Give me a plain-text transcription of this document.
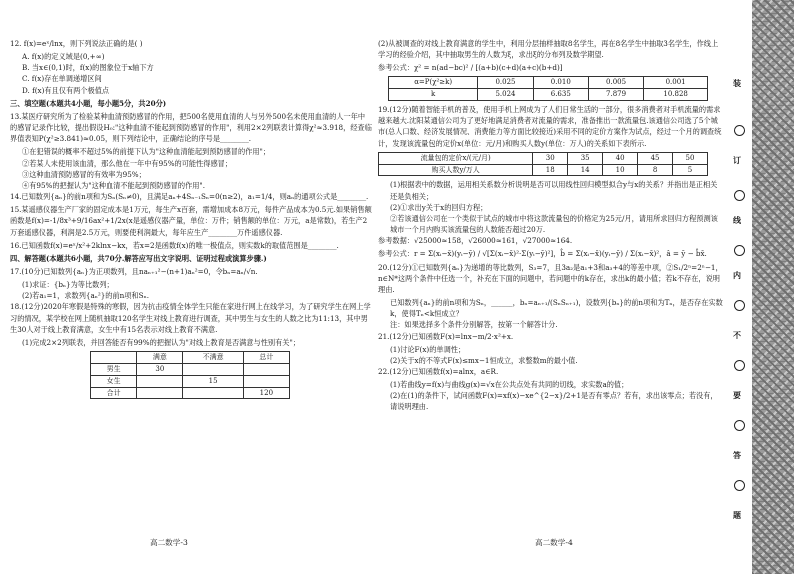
12. f(x)=eˣ/lnx，则下列说法正确的是( )

A. f(x)的定义域是(0,+∞)

B. 当x∈(0,1)时，f(x)的图象位于x轴下方

C. f(x)存在单调递增区间

D. f(x)有且仅有两个极值点

三、填空题(本题共4小题，每小题5分，共20分)

13.某医疗研究所为了检验某种血清预防感冒的作用，把500名使用血清的人与另外500名未使用血清的人一年中的感冒记录作比较，提出假设H₀:"这种血清不能起到预防感冒的作用"，利用2×2列联表计算得χ²≈3.918，经查临界值表知P(χ²≥3.841)≈0.05，则下列结论中，正确结论的序号是________.

①在犯错误的概率不超过5%的前提下认为"这种血清能起到预防感冒的作用"；

②若某人未使用该血清，那么他在一年中有95%的可能性得感冒；

③这种血清预防感冒的有效率为95%；

④有95%的把握认为"这种血清不能起到预防感冒的作用".

14.已知数列{aₙ}的前n项和为Sₙ(Sₙ≠0)，且满足aₙ+4Sₙ₋₁Sₙ=0(n≥2)，a₁=1/4，则aₙ的通项公式是________.

15.某遥感仪器生产厂家的固定成本是1万元，每生产x百套，需增加成本8万元，每件产品成本为0.5元.如果销售额函数是f(x)=-1/8x³+9/16ax²+1/2x(x是遥感仪器产量，单位：万件；销售额的单位：万元，a是常数)，若生产2万套遥感仪器，利润是2.5万元，则要使利润最大，每年应生产________万件遥感仪器.

16.已知函数f(x)=eˣ/x²+2klnx−kx，若x=2是函数f(x)的唯一极值点，则实数k的取值范围是________.

四、解答题(本题共6小题，共70分.解答应写出文字说明、证明过程或演算步骤.)

17.(10分)已知数列{aₙ}为正项数列，且naₙ₊₁²−(n+1)aₙ²=0，令bₙ=aₙ/√n.

(1)求证：{bₙ}为等比数列；

(2)若a₁=1，求数列{aₙ²}的前n项和Sₙ.

18.(12分)2020年寒假是特殊的寒假，因为抗击疫情全体学生只能在家进行网上在线学习，为了研究学生在网上学习的情况，某学校在网上随机抽取120名学生对线上教育进行调查，其中男生与女生的人数之比为11:13，其中男生30人对于线上教育满意，女生中有15名表示对线上教育不满意.

(1)完成2×2列联表，并回答能否有99%的把握认为"对线上教育是否满意与性别有关"；

	满意	不满意	总计
男生	30		
女生		15	
合计			120

(2)从被调查的对线上教育满意的学生中，利用分层抽样抽取8名学生，再在8名学生中抽取3名学生，作线上学习的经验介绍，其中抽取男生的人数为ξ，求出ξ的分布列及数学期望.

参考公式：χ² = n(ad−bc)² / [(a+b)(c+d)(a+c)(b+d)]

α=P(χ²≥k)	0.025	0.010	0.005	0.001
k	5.024	6.635	7.879	10.828

19.(12分)随着智能手机的普及，使用手机上网成为了人们日常生活的一部分，很多消费者对手机流量的需求越来越大.沈阳某通信公司为了更好地满足消费者对流量的需求，准备推出一款流量包.该通信公司选了5个城市(总人口数、经济发展情况、消费能力等方面比较接近)采用不同的定价方案作为试点，经过一个月的调查统计，发现该流量包的定价x(单位：元/月)和购买人数y(单位：万人)的关系如下表所示.

流量包的定价x/(元/月)	30	35	40	45	50
购买人数y/万人	18	14	10	8	5

(1)根据表中的数据，运用相关系数分析说明是否可以用线性回归模型拟合y与x的关系？并指出是正相关还是负相关；

(2)①求出y关于x的回归方程；

②若该通信公司在一个类似于试点的城市中将这款流量包的价格定为25元/月，请用所求回归方程预测该城市一个月内购买该流量包的人数能否超过20万.

参考数据：√25000≈158，√26000≈161，√27000≈164.

参考公式：r = Σ(xᵢ−x̄)(yᵢ−ȳ) / √[Σ(xᵢ−x̄)²·Σ(yᵢ−ȳ)²]，b̂ = Σ(xᵢ−x̄)(yᵢ−ȳ) / Σ(xᵢ−x̄)²，â = ȳ − b̂x̄.

20.(12分)①已知数列{aₙ}为递增的等比数列，S₃=7，且3a₂是a₁+3和a₃+4的等差中项，②S₁/2ⁿ=2ⁿ−1，n∈N*这两个条件中任选一个，补充在下面的问题中，若问题中的k存在，求出k的最小值；若k不存在，说明理由.

已知数列{aₙ}的前n项和为Sₙ，______，bₙ=aₙ₊₁/(SₙSₙ₊₁)，设数列{bₙ}的前n项和为Tₙ，是否存在实数k，使得Tₙ<k恒成立？

注：如果选择多个条件分别解答，按第一个解答计分.

21.(12分)已知函数F(x)=lnx−m/2·x²+x.

(1)讨论F(x)的单调性；

(2)关于x的不等式F(x)≤mx−1恒成立，求整数m的最小值.

22.(12分)已知函数f(x)=alnx，a∈R.

(1)若曲线y=f(x)与曲线g(x)=√x在公共点处有共同的切线，求实数a的值；

(2)在(1)的条件下，试问函数F(x)=xf(x)−xe^{2−x}/2+1是否有零点？若有，求出该零点；若没有，请说明理由.

高二数学-3	高二数学-4
装
订
线
内
不
要
答
题
